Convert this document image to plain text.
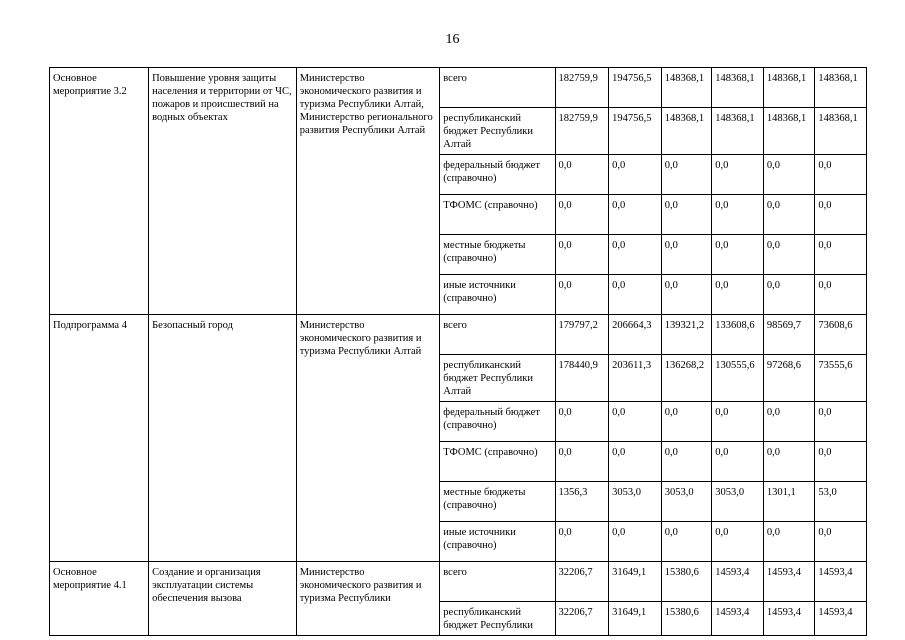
16
Основное мероприятие 3.2	Повышение уровня защиты населения и территории от ЧС, пожаров и происшествий на водных объектах	Министерство экономического развития и туризма Республики Алтай, Министерство регионального развития Республики Алтай	всего	182759,9	194756,5	148368,1	148368,1	148368,1	148368,1
			республиканский бюджет Республики Алтай	182759,9	194756,5	148368,1	148368,1	148368,1	148368,1
			федеральный бюджет (справочно)	0,0	0,0	0,0	0,0	0,0	0,0
			ТФОМС (справочно)	0,0	0,0	0,0	0,0	0,0	0,0
			местные бюджеты (справочно)	0,0	0,0	0,0	0,0	0,0	0,0
			иные источники (справочно)	0,0	0,0	0,0	0,0	0,0	0,0
Подпрограмма 4	Безопасный город	Министерство экономического развития и туризма Республики Алтай	всего	179797,2	206664,3	139321,2	133608,6	98569,7	73608,6
			республиканский бюджет Республики Алтай	178440,9	203611,3	136268,2	130555,6	97268,6	73555,6
			федеральный бюджет (справочно)	0,0	0,0	0,0	0,0	0,0	0,0
			ТФОМС (справочно)	0,0	0,0	0,0	0,0	0,0	0,0
			местные бюджеты (справочно)	1356,3	3053,0	3053,0	3053,0	1301,1	53,0
			иные источники (справочно)	0,0	0,0	0,0	0,0	0,0	0,0
Основное мероприятие 4.1	Создание и организация эксплуатации системы обеспечения вызова	Министерство экономического развития и туризма Республики	всего	32206,7	31649,1	15380,6	14593,4	14593,4	14593,4
			республиканский бюджет Республики	32206,7	31649,1	15380,6	14593,4	14593,4	14593,4
